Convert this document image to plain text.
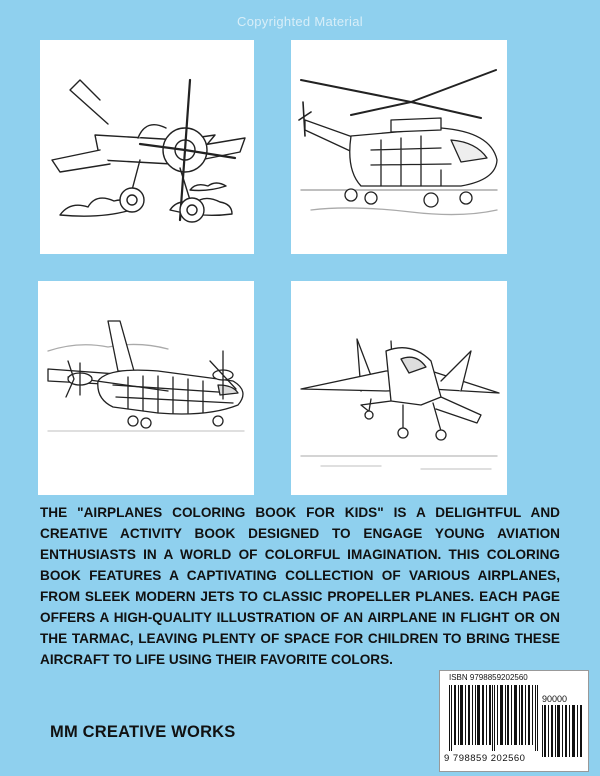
Copyrighted Material
THE "AIRPLANES COLORING BOOK FOR KIDS" IS A DELIGHTFUL AND CREATIVE ACTIVITY BOOK DESIGNED TO ENGAGE YOUNG AVIATION ENTHUSIASTS IN A WORLD OF COLORFUL IMAGINATION. THIS COLORING BOOK FEATURES A CAPTIVATING COLLECTION OF VARIOUS AIRPLANES, FROM SLEEK MODERN JETS TO CLASSIC PROPELLER PLANES. EACH PAGE OFFERS A HIGH-QUALITY ILLUSTRATION OF AN AIRPLANE IN FLIGHT OR ON THE TARMAC, LEAVING PLENTY OF SPACE FOR CHILDREN TO BRING THESE AIRCRAFT TO LIFE USING THEIR FAVORITE COLORS.
MM CREATIVE WORKS
ISBN 9798859202560
90000
9 798859 202560
